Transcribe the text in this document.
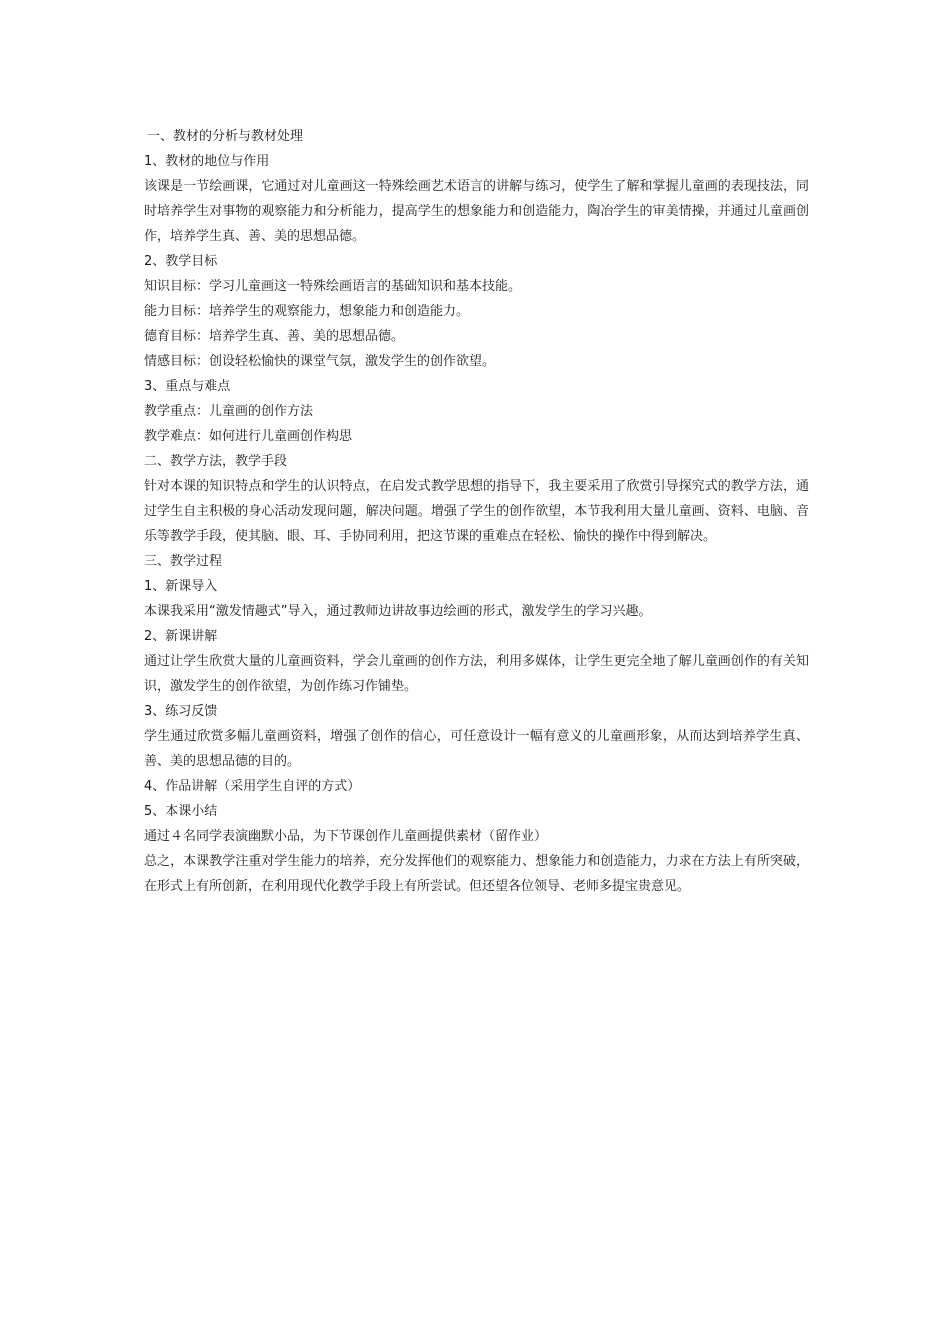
一、教材的分析与教材处理

1、教材的地位与作用

该课是一节绘画课，它通过对儿童画这一特殊绘画艺术语言的讲解与练习，使学生了解和掌握儿童画的表现技法，同时培养学生对事物的观察能力和分析能力，提高学生的想象能力和创造能力，陶冶学生的审美情操，并通过儿童画创作，培养学生真、善、美的思想品德。

2、教学目标

知识目标：学习儿童画这一特殊绘画语言的基础知识和基本技能。

能力目标：培养学生的观察能力，想象能力和创造能力。

德育目标：培养学生真、善、美的思想品德。

情感目标：创设轻松愉快的课堂气氛，激发学生的创作欲望。

3、重点与难点

教学重点：儿童画的创作方法

教学难点：如何进行儿童画创作构思

二、教学方法，教学手段

针对本课的知识特点和学生的认识特点，在启发式教学思想的指导下，我主要采用了欣赏引导探究式的教学方法，通过学生自主积极的身心活动发现问题，解决问题。增强了学生的创作欲望，本节我利用大量儿童画、资料、电脑、音乐等教学手段，使其脑、眼、耳、手协同利用，把这节课的重难点在轻松、愉快的操作中得到解决。

三、教学过程

1、新课导入

本课我采用“激发情趣式”导入，通过教师边讲故事边绘画的形式，激发学生的学习兴趣。

2、新课讲解

通过让学生欣赏大量的儿童画资料，学会儿童画的创作方法，利用多媒体，让学生更完全地了解儿童画创作的有关知识，激发学生的创作欲望，为创作练习作铺垫。

3、练习反馈

学生通过欣赏多幅儿童画资料，增强了创作的信心，可任意设计一幅有意义的儿童画形象，从而达到培养学生真、善、美的思想品德的目的。

4、作品讲解（采用学生自评的方式）

5、本课小结

通过４名同学表演幽默小品，为下节课创作儿童画提供素材（留作业）

总之，本课教学注重对学生能力的培养，充分发挥他们的观察能力、想象能力和创造能力，力求在方法上有所突破，在形式上有所创新，在利用现代化教学手段上有所尝试。但还望各位领导、老师多提宝贵意见。
